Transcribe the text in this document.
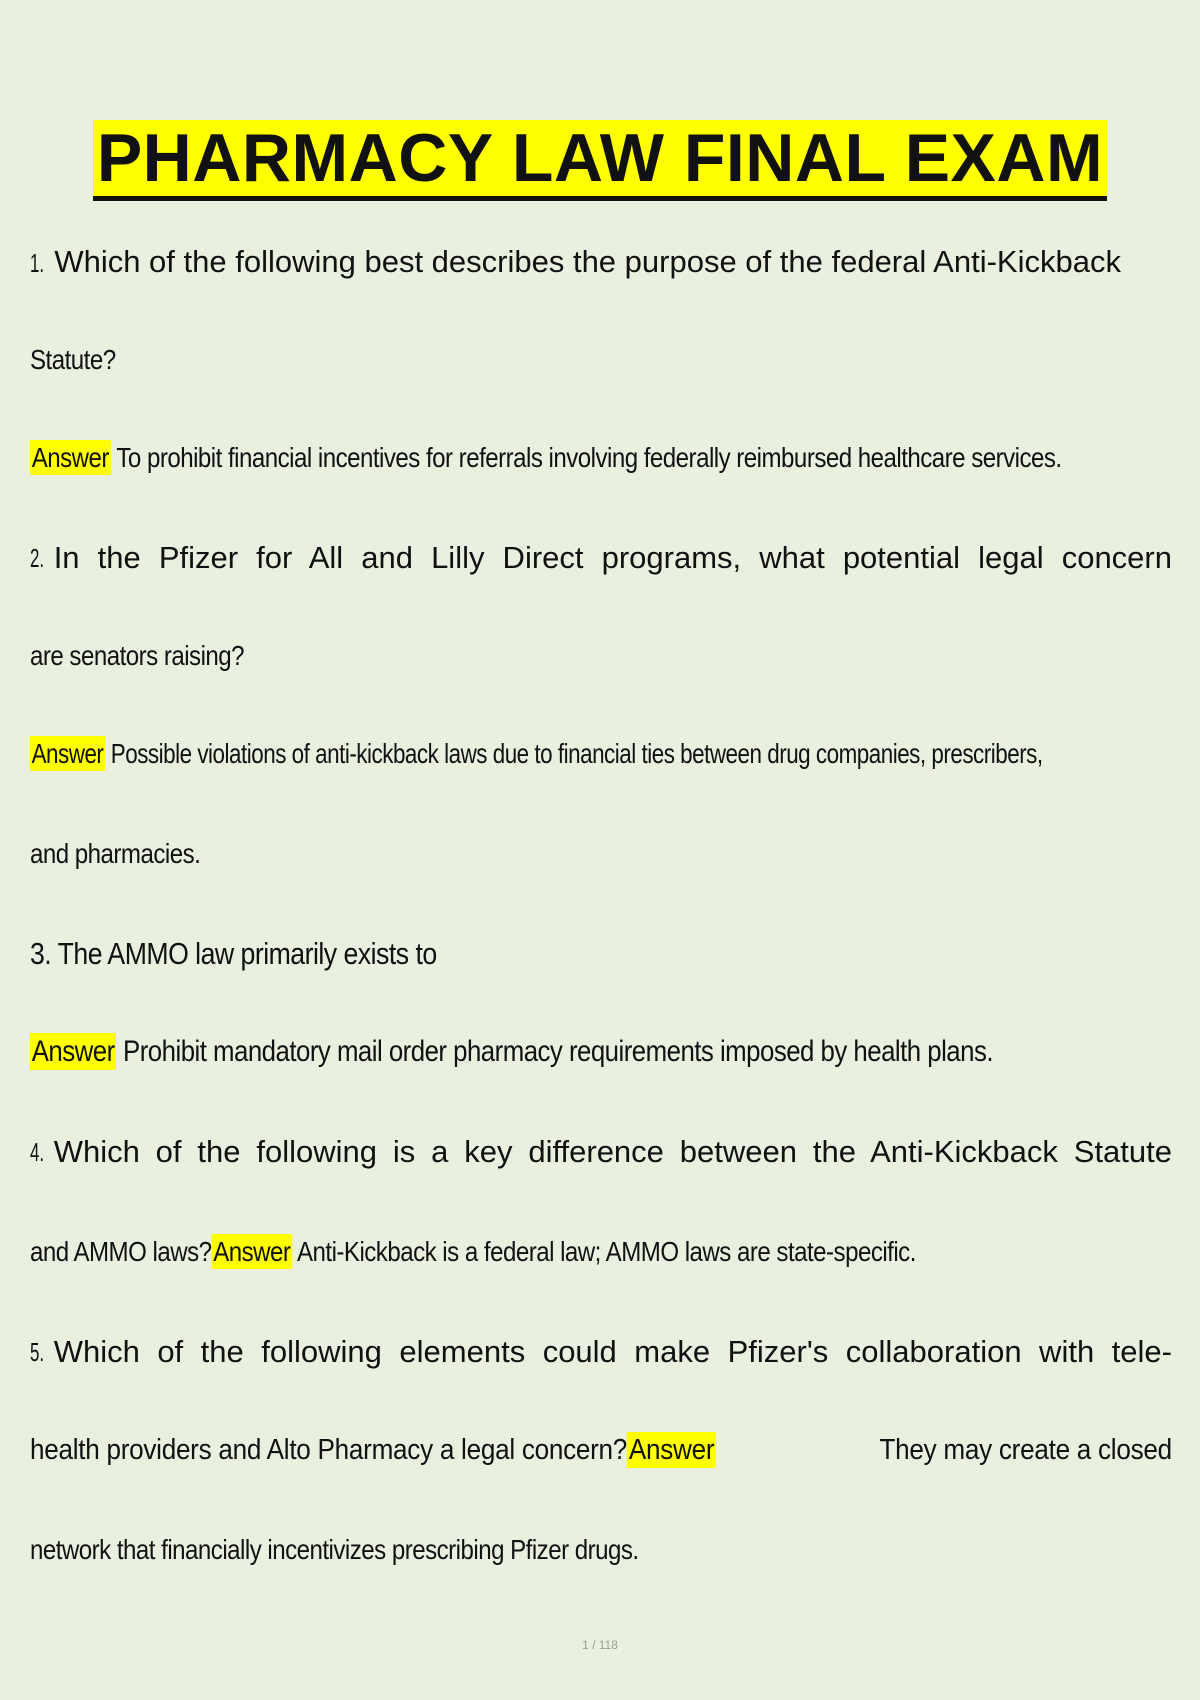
PHARMACY LAW FINAL EXAM
1. Which of the following best describes the purpose of the federal Anti-Kickback
Statute?
Answer To prohibit financial incentives for referrals involving federally reimbursed healthcare services.
2. In the Pfizer for All and Lilly Direct programs, what potential legal concern
are senators raising?
Answer Possible violations of anti-kickback laws due to financial ties between drug companies, prescribers,
and pharmacies.
3. The AMMO law primarily exists to
Answer Prohibit mandatory mail order pharmacy requirements imposed by health plans.
4. Which of the following is a key difference between the Anti-Kickback Statute
and AMMO laws?Answer Anti-Kickback is a federal law; AMMO laws are state-specific.
5. Which of the following elements could make Pfizer's collaboration with tele-
health providers and Alto Pharmacy a legal concern?Answer	They may create a closed
network that financially incentivizes prescribing Pfizer drugs.
1 / 118
